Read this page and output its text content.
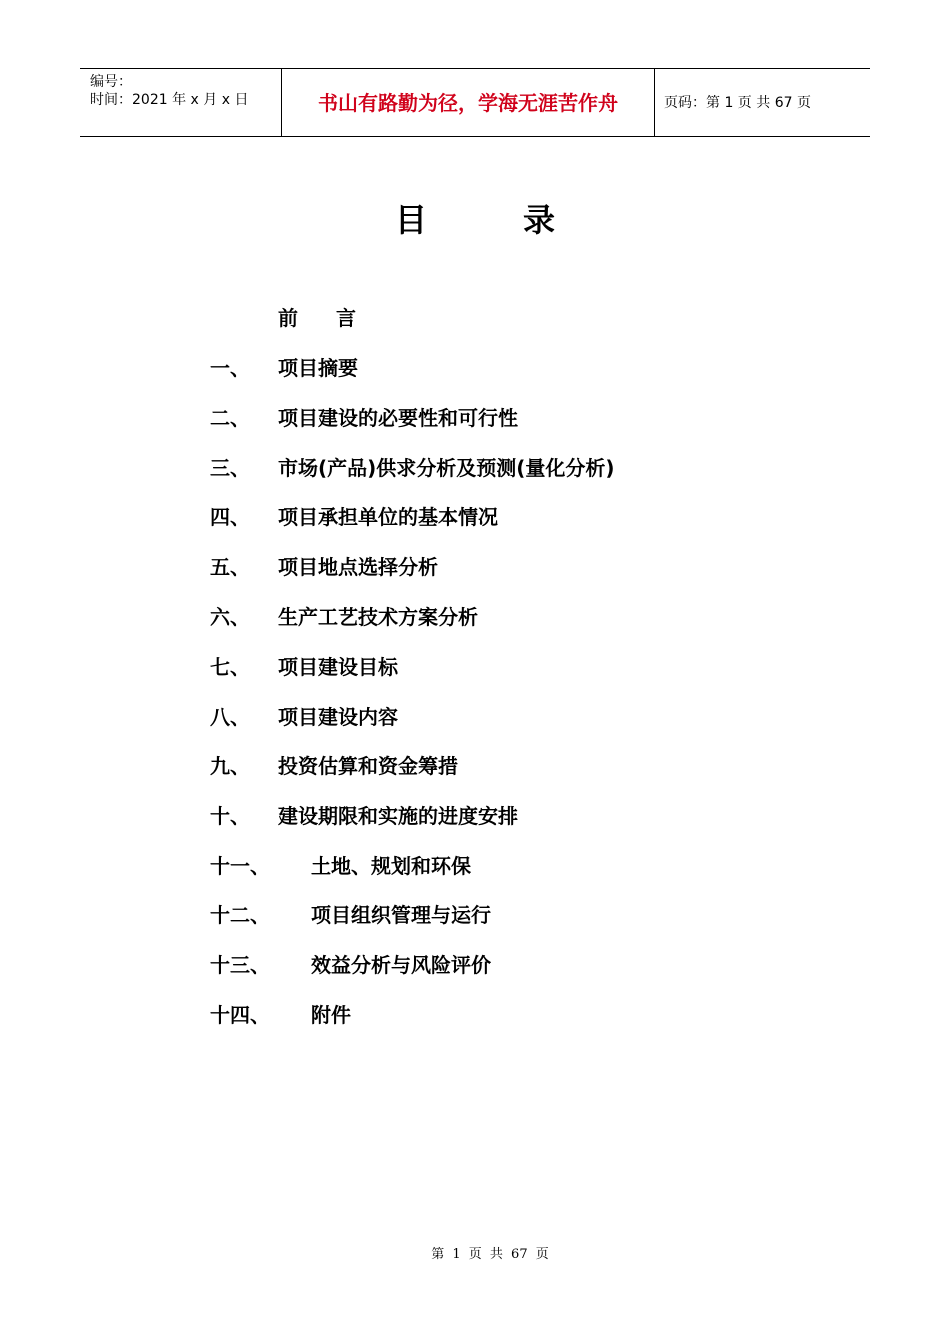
编号：
时间：2021 年 x 月 x 日	书山有路勤为径，学海无涯苦作舟	页码：第 1 页 共 67 页
目录
前言
一、 项目摘要
二、 项目建设的必要性和可行性
三、 市场(产品)供求分析及预测(量化分析)
四、 项目承担单位的基本情况
五、 项目地点选择分析
六、 生产工艺技术方案分析
七、 项目建设目标
八、 项目建设内容
九、 投资估算和资金筹措
十、 建设期限和实施的进度安排
十一、 土地、规划和环保
十二、 项目组织管理与运行
十三、 效益分析与风险评价
十四、 附件
第 1 页 共 67 页
